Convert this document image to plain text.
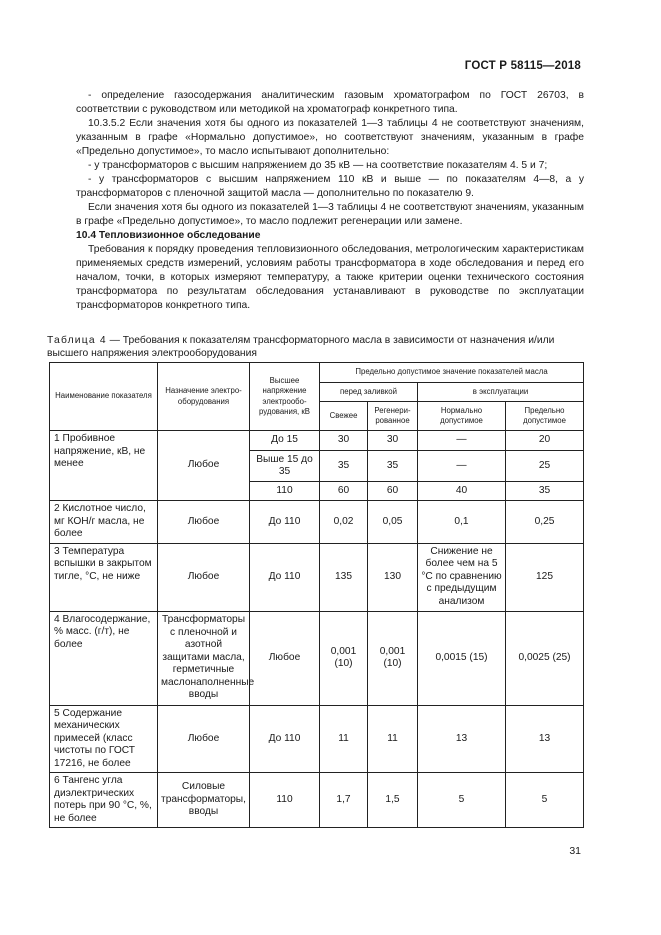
ГОСТ Р 58115—2018

- определение газосодержания аналитическим газовым хроматографом по ГОСТ 26703, в соответствии с руководством или методикой на хроматограф конкретного типа.

10.3.5.2 Если значения хотя бы одного из показателей 1—3 таблицы 4 не соответствуют значениям, указанным в графе «Нормально допустимое», но соответствуют значениям, указанным в графе «Предельно допустимое», то масло испытывают дополнительно:

- у трансформаторов с высшим напряжением до 35 кВ — на соответствие показателям 4. 5 и 7;

- у трансформаторов с высшим напряжением 110 кВ и выше — по показателям 4—8, а у трансформаторов с пленочной защитой масла — дополнительно по показателю 9.

Если значения хотя бы одного из показателей 1—3 таблицы 4 не соответствуют значениям, указанным в графе «Предельно допустимое», то масло подлежит регенерации или замене.

10.4 Тепловизионное обследование

Требования к порядку проведения тепловизионного обследования, метрологическим характеристикам применяемых средств измерений, условиям работы трансформатора в ходе обследования и перед его началом, точки, в которых измеряют температуру, а также критерии оценки технического состояния трансформатора по результатам обследования устанавливают в руководстве по эксплуатации трансформаторов конкретного типа.

Таблица 4 — Требования к показателям трансформаторного масла в зависимости от назначения и/или высшего напряжения электрооборудования
Наименование показателя	Назначение электро-оборудования	Высшее напряжение электрообо-рудования, кВ	Предельно допустимое значение показателей масла			
			перед заливкой		в эксплуатации	
			Свежее	Регенери-рованное	Нормально допустимое	Предельно допустимое
1 Пробивное напряжение, кВ, не менее	Любое	До 15	30	30	—	20
		Выше 15 до 35	35	35	—	25
		110	60	60	40	35
2 Кислотное число, мг КОН/г масла, не более	Любое	До 110	0,02	0,05	0,1	0,25
3 Температура вспышки в закрытом тигле, °С, не ниже	Любое	До 110	135	130	Снижение не более чем на 5 °С по сравнению с предыдущим анализом	125
4 Влагосодержание, % масс. (г/т), не более	Трансформаторы с пленочной и азотной защитами масла, герметичные маслонаполненные вводы	Любое	0,001 (10)	0,001 (10)	0,0015 (15)	0,0025 (25)
5 Содержание механических примесей (класс чистоты по ГОСТ 17216, не более	Любое	До 110	11	11	13	13
6 Тангенс угла диэлектрических потерь при 90 °С, %, не более	Силовые трансформаторы, вводы	110	1,7	1,5	5	5
31
